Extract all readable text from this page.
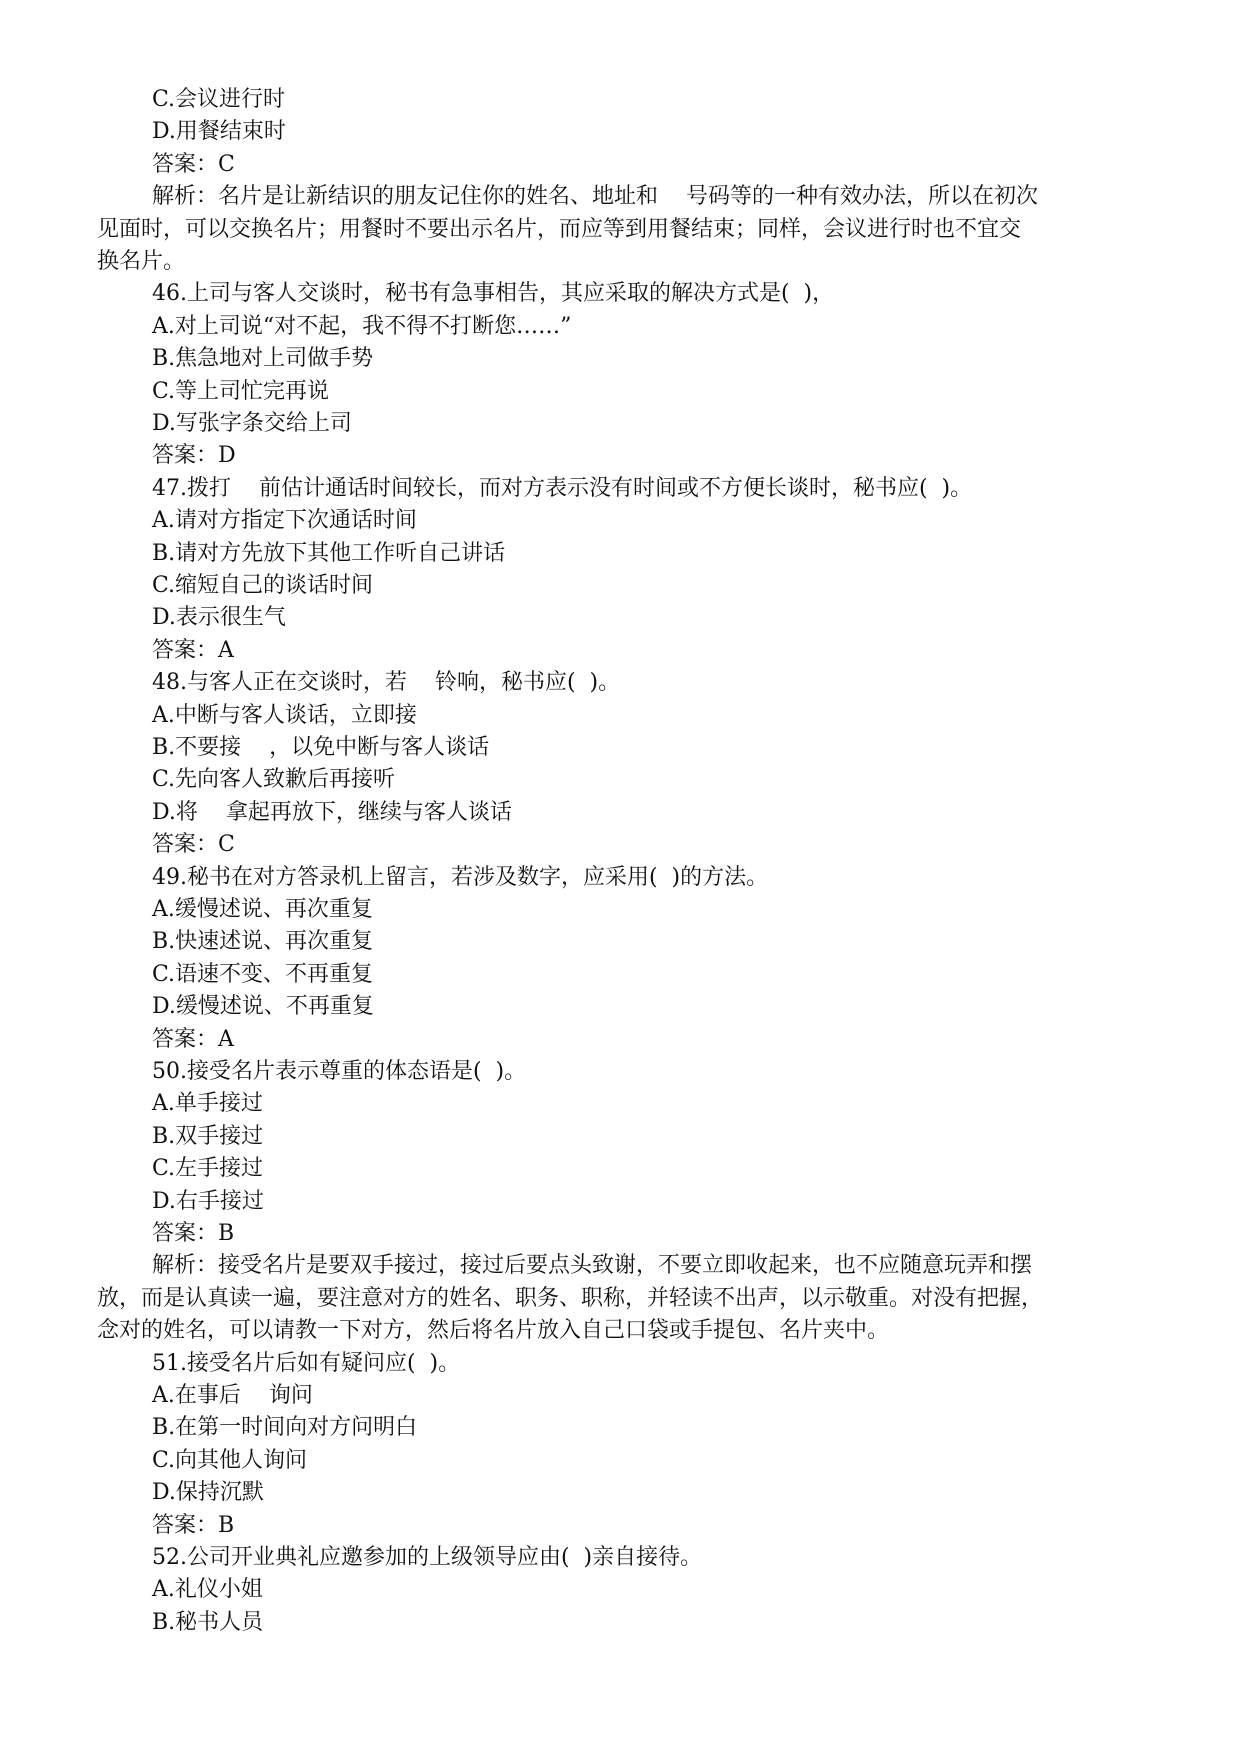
C.会议进行时
D.用餐结束时
答案：C
解析：名片是让新结识的朋友记住你的姓名、地址和    号码等的一种有效办法，所以在初次
见面时，可以交换名片；用餐时不要出示名片，而应等到用餐结束；同样，会议进行时也不宜交
换名片。
46.上司与客人交谈时，秘书有急事相告，其应采取的解决方式是(  )，
A.对上司说“对不起，我不得不打断您……”
B.焦急地对上司做手势
C.等上司忙完再说
D.写张字条交给上司
答案：D
47.拨打    前估计通话时间较长，而对方表示没有时间或不方便长谈时，秘书应(  )。
A.请对方指定下次通话时间
B.请对方先放下其他工作听自己讲话
C.缩短自己的谈话时间
D.表示很生气
答案：A
48.与客人正在交谈时，若    铃响，秘书应(  )。
A.中断与客人谈话，立即接
B.不要接    ，以免中断与客人谈话
C.先向客人致歉后再接听
D.将    拿起再放下，继续与客人谈话
答案：C
49.秘书在对方答录机上留言，若涉及数字，应采用(  )的方法。
A.缓慢述说、再次重复
B.快速述说、再次重复
C.语速不变、不再重复
D.缓慢述说、不再重复
答案：A
50.接受名片表示尊重的体态语是(  )。
A.单手接过
B.双手接过
C.左手接过
D.右手接过
答案：B
解析：接受名片是要双手接过，接过后要点头致谢，不要立即收起来，也不应随意玩弄和摆
放，而是认真读一遍，要注意对方的姓名、职务、职称，并轻读不出声，以示敬重。对没有把握，
念对的姓名，可以请教一下对方，然后将名片放入自己口袋或手提包、名片夹中。
51.接受名片后如有疑问应(  )。
A.在事后    询问
B.在第一时间向对方问明白
C.向其他人询问
D.保持沉默
答案：B
52.公司开业典礼应邀参加的上级领导应由(  )亲自接待。
A.礼仪小姐
B.秘书人员
